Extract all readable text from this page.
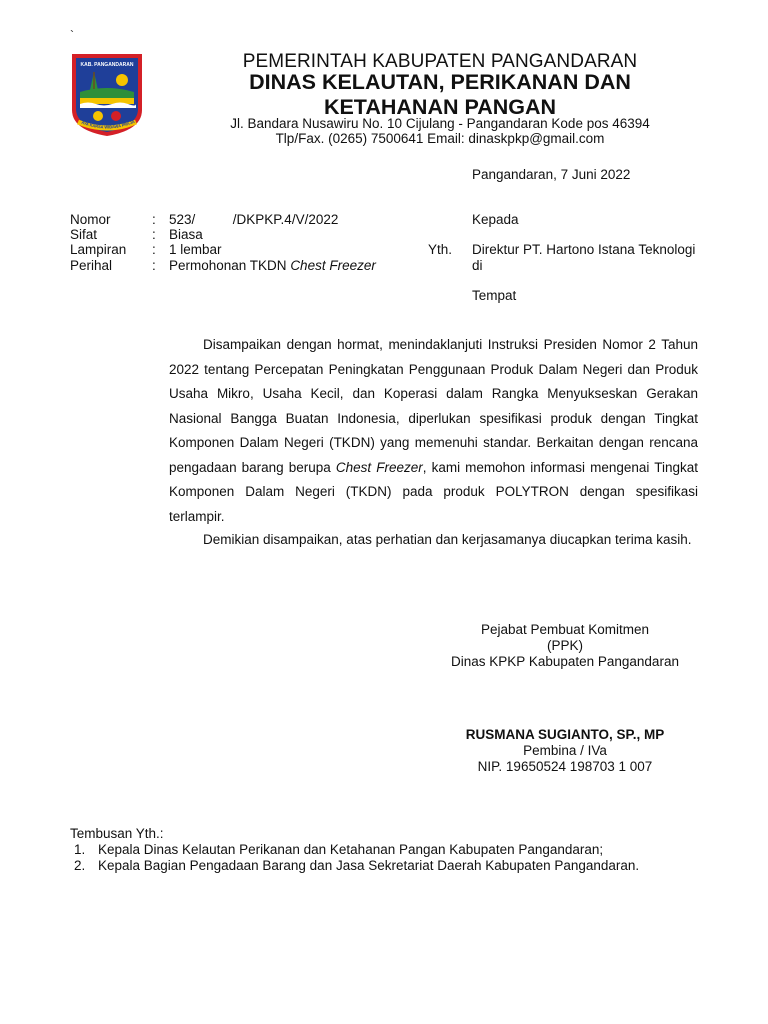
`
KAB. PANGANDARAN
AYA KARSA WIBAWA PRAJA
PEMERINTAH KABUPATEN PANGANDARAN
DINAS KELAUTAN, PERIKANAN DAN
KETAHANAN PANGAN
Jl. Bandara Nusawiru No. 10 Cijulang - Pangandaran Kode pos 46394
Tlp/Fax. (0265) 7500641 Email: dinaskpkp@gmail.com
Pangandaran, 7 Juni 2022
Nomor	: 523/          /DKPKP.4/V/2022
Sifat	: Biasa
Lampiran : 1 lembar
Perihal	: Permohonan TKDN Chest Freezer
Kepada
Yth. Direktur PT. Hartono Istana Teknologi
di
Tempat

Disampaikan dengan hormat, menindaklanjuti Instruksi Presiden Nomor 2 Tahun 2022 tentang Percepatan Peningkatan Penggunaan Produk Dalam Negeri dan Produk Usaha Mikro, Usaha Kecil, dan Koperasi dalam Rangka Menyukseskan Gerakan Nasional Bangga Buatan Indonesia, diperlukan spesifikasi produk dengan Tingkat Komponen Dalam Negeri (TKDN) yang memenuhi standar. Berkaitan dengan rencana pengadaan barang berupa Chest Freezer, kami memohon informasi mengenai Tingkat Komponen Dalam Negeri (TKDN) pada produk POLYTRON dengan spesifikasi terlampir.

Demikian disampaikan, atas perhatian dan kerjasamanya diucapkan terima kasih.

Pejabat Pembuat Komitmen
(PPK)
Dinas KPKP Kabupaten Pangandaran
RUSMANA SUGIANTO, SP., MP
Pembina / IVa
NIP. 19650524 198703 1 007
Tembusan Yth.:
1. Kepala Dinas Kelautan Perikanan dan Ketahanan Pangan Kabupaten Pangandaran;
2. Kepala Bagian Pengadaan Barang dan Jasa Sekretariat Daerah Kabupaten Pangandaran.
